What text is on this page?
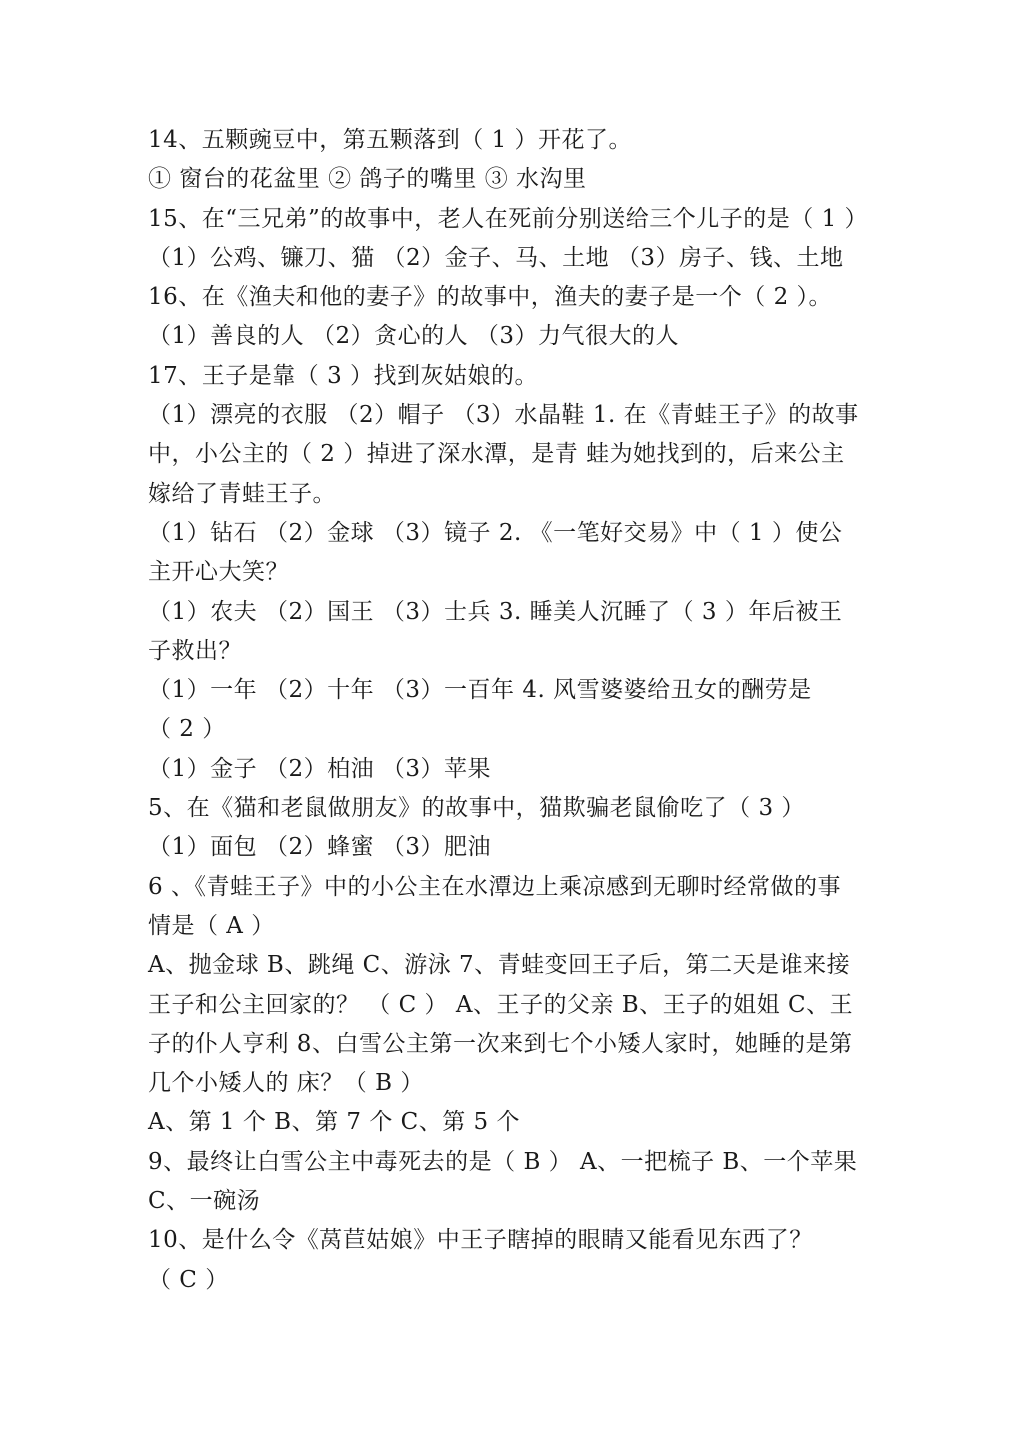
14、五颗豌豆中，第五颗落到（ 1 ）开花了。
① 窗台的花盆里 ② 鸽子的嘴里 ③ 水沟里
15、在“三兄弟”的故事中，老人在死前分别送给三个儿子的是（ 1 ）
（1）公鸡、镰刀、猫 （2）金子、马、土地 （3）房子、钱、土地
16、在《渔夫和他的妻子》的故事中，渔夫的妻子是一个（ 2 ）。
（1）善良的人 （2）贪心的人 （3）力气很大的人
17、王子是靠（ 3 ）找到灰姑娘的。
（1）漂亮的衣服 （2）帽子 （3）水晶鞋 1. 在《青蛙王子》的故事
中，小公主的（ 2 ）掉进了深水潭，是青 蛙为她找到的，后来公主
嫁给了青蛙王子。
（1）钻石 （2）金球 （3）镜子 2. 《一笔好交易》中（ 1 ）使公
主开心大笑？
（1）农夫 （2）国王 （3）士兵 3. 睡美人沉睡了（ 3 ）年后被王
子救出？
（1）一年 （2）十年 （3）一百年 4. 风雪婆婆给丑女的酬劳是
（ 2 ）
（1）金子 （2）柏油 （3）苹果
5、在《猫和老鼠做朋友》的故事中，猫欺骗老鼠偷吃了（ 3 ）
（1）面包 （2）蜂蜜 （3）肥油
6 、《青蛙王子》中的小公主在水潭边上乘凉感到无聊时经常做的事
情是（ A ）
A、抛金球 B、跳绳 C、游泳 7、青蛙变回王子后，第二天是谁来接
王子和公主回家的？ （ C ） A、王子的父亲 B、王子的姐姐 C、王
子的仆人亨利 8、白雪公主第一次来到七个小矮人家时，她睡的是第
几个小矮人的 床？（ B ）
A、第 1 个 B、第 7 个 C、第 5 个
9、最终让白雪公主中毒死去的是（ B ） A、一把梳子 B、一个苹果
C、一碗汤
10、是什么令《莴苣姑娘》中王子瞎掉的眼睛又能看见东西了？
（ C ）
